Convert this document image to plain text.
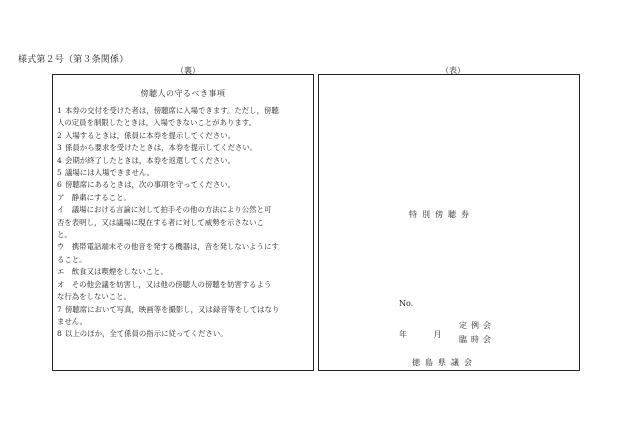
様式第２号（第３条関係）
（裏）	（表）
傍聴人の守るべき事項
1 本券の交付を受けた者は，傍聴席に入場できます。ただし，傍聴
人の定員を制限したときは，入場できないことがあります。
2 入場するときは，係員に本券を提示してください。
3 係員から要求を受けたときは，本券を提示してください。
4 会期が終了したときは，本券を返還してください。
5 議場には入場できません。
6 傍聴席にあるときは，次の事項を守ってください。
ア　静粛にすること。
イ　議場における言論に対して拍手その他の方法により公然と可
否を表明し，又は議場に現在する者に対して威勢を示さないこ
と。
ウ　携帯電話端末その他音を発する機器は，音を発しないようにす
ること。
エ　飲食又は喫煙をしないこと。
オ　その他会議を妨害し，又は他の傍聴人の傍聴を妨害するよう
な行為をしないこと。
7 傍聴席において写真，映画等を撮影し，又は録音等をしてはなり
ません。
8 以上のほか，全て係員の指示に従ってください。
特別傍聴券
No.
年 月
定例会
臨時会
徳島県議会
